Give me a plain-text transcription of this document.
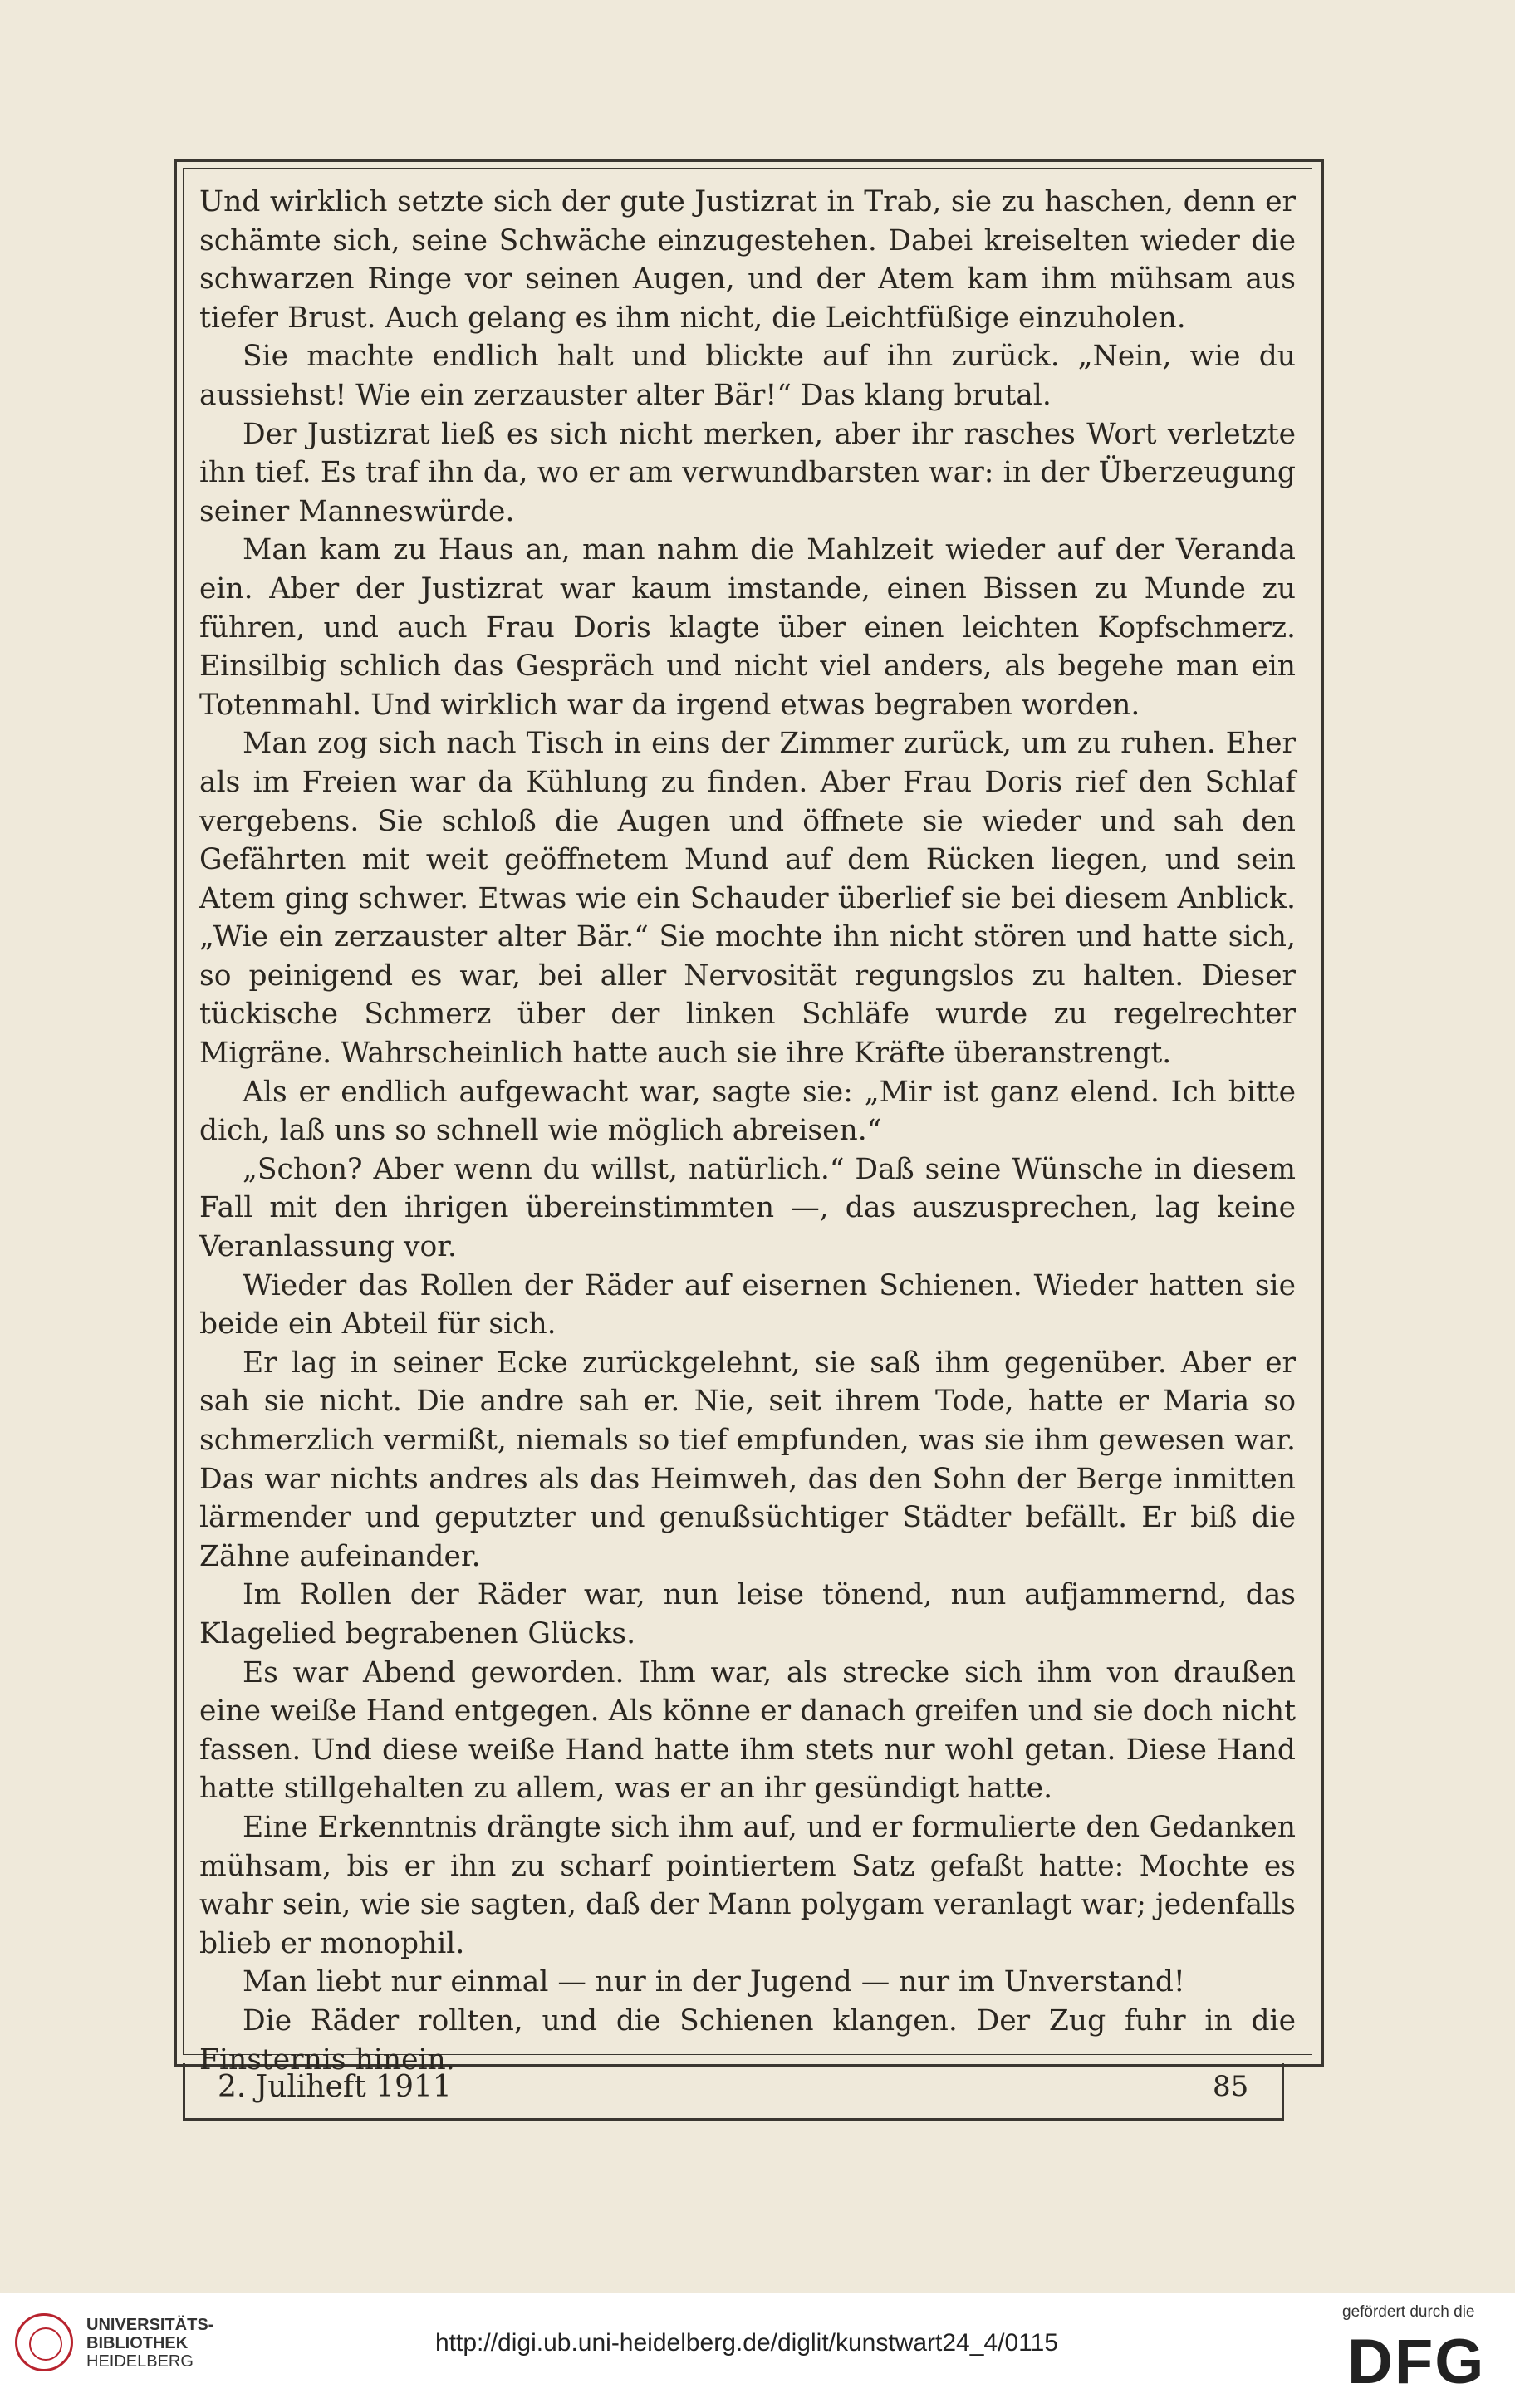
Und wirklich setzte sich der gute Justizrat in Trab, sie zu haschen, denn er schämte sich, seine Schwäche einzugestehen. Dabei kreiselten wieder die schwarzen Ringe vor seinen Augen, und der Atem kam ihm mühsam aus tiefer Brust. Auch gelang es ihm nicht, die Leichtfüßige einzuholen.

Sie machte endlich halt und blickte auf ihn zurück. „Nein, wie du aussiehst! Wie ein zerzauster alter Bär!“ Das klang brutal.

Der Justizrat ließ es sich nicht merken, aber ihr rasches Wort verletzte ihn tief. Es traf ihn da, wo er am verwundbarsten war: in der Überzeugung seiner Manneswürde.

Man kam zu Haus an, man nahm die Mahlzeit wieder auf der Veranda ein. Aber der Justizrat war kaum imstande, einen Bissen zu Munde zu führen, und auch Frau Doris klagte über einen leichten Kopfschmerz. Einsilbig schlich das Gespräch und nicht viel anders, als begehe man ein Totenmahl. Und wirklich war da irgend etwas begraben worden.

Man zog sich nach Tisch in eins der Zimmer zurück, um zu ruhen. Eher als im Freien war da Kühlung zu finden. Aber Frau Doris rief den Schlaf vergebens. Sie schloß die Augen und öffnete sie wieder und sah den Gefährten mit weit geöffnetem Mund auf dem Rücken liegen, und sein Atem ging schwer. Etwas wie ein Schauder überlief sie bei diesem Anblick. „Wie ein zerzauster alter Bär.“ Sie mochte ihn nicht stören und hatte sich, so peinigend es war, bei aller Nervosität regungslos zu halten. Dieser tückische Schmerz über der linken Schläfe wurde zu regelrechter Migräne. Wahrscheinlich hatte auch sie ihre Kräfte überanstrengt.

Als er endlich aufgewacht war, sagte sie: „Mir ist ganz elend. Ich bitte dich, laß uns so schnell wie möglich abreisen.“

„Schon? Aber wenn du willst, natürlich.“ Daß seine Wünsche in diesem Fall mit den ihrigen übereinstimmten —, das auszusprechen, lag keine Veranlassung vor.

Wieder das Rollen der Räder auf eisernen Schienen. Wieder hatten sie beide ein Abteil für sich.

Er lag in seiner Ecke zurückgelehnt, sie saß ihm gegenüber. Aber er sah sie nicht. Die andre sah er. Nie, seit ihrem Tode, hatte er Maria so schmerzlich vermißt, niemals so tief empfunden, was sie ihm gewesen war. Das war nichts andres als das Heimweh, das den Sohn der Berge inmitten lärmender und geputzter und genußsüchtiger Städter befällt. Er biß die Zähne aufeinander.

Im Rollen der Räder war, nun leise tönend, nun aufjammernd, das Klagelied begrabenen Glücks.

Es war Abend geworden. Ihm war, als strecke sich ihm von draußen eine weiße Hand entgegen. Als könne er danach greifen und sie doch nicht fassen. Und diese weiße Hand hatte ihm stets nur wohl getan. Diese Hand hatte stillgehalten zu allem, was er an ihr gesündigt hatte.

Eine Erkenntnis drängte sich ihm auf, und er formulierte den Gedanken mühsam, bis er ihn zu scharf pointiertem Satz gefaßt hatte: Mochte es wahr sein, wie sie sagten, daß der Mann polygam veranlagt war; jedenfalls blieb er monophil.

Man liebt nur einmal — nur in der Jugend — nur im Unverstand!

Die Räder rollten, und die Schienen klangen. Der Zug fuhr in die Finsternis hinein.

2. Juliheft 1911	85
UNIVERSITÄTS-
BIBLIOTHEK
HEIDELBERG
http://digi.ub.uni-heidelberg.de/diglit/kunstwart24_4/0115
gefördert durch die
DFG
